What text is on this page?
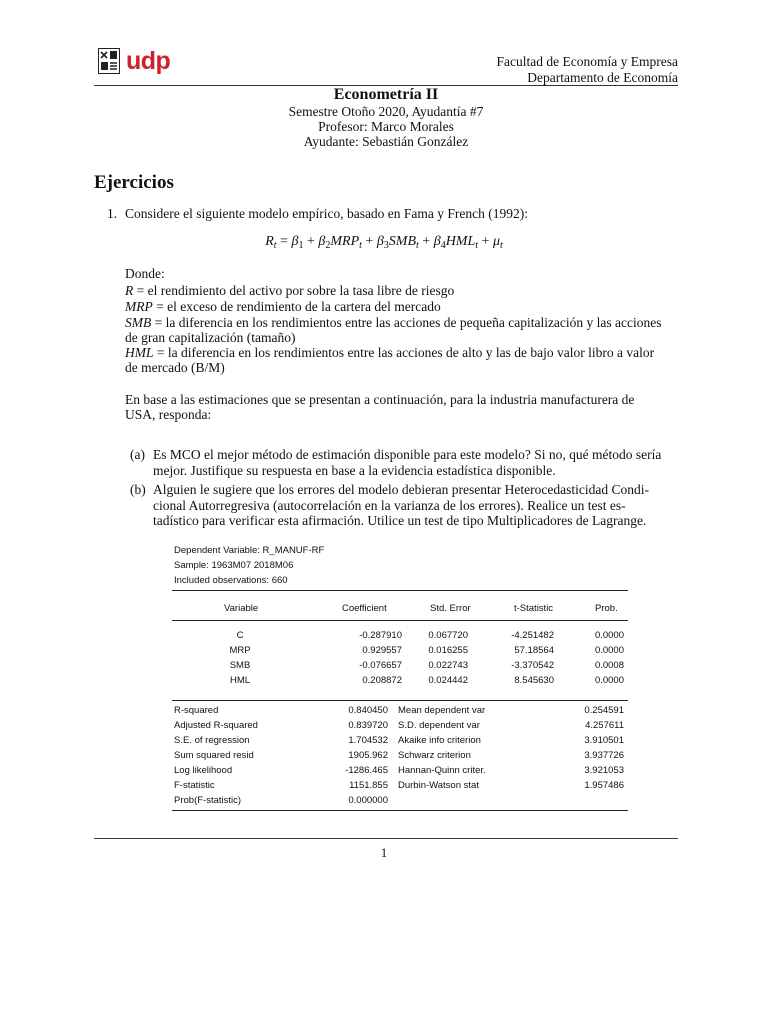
udp	Facultad de Economía y Empresa
Departamento de Economía
Econometría II
Semestre Otoño 2020, Ayudantía #7
Profesor: Marco Morales
Ayudante: Sebastián González
Ejercicios
1. Considere el siguiente modelo empírico, basado en Fama y French (1992):
$R_t = \beta_1 + \beta_2MRP_t + \beta_3SMB_t + \beta_4HML_t + \mu_t$
Donde:
R = el rendimiento del activo por sobre la tasa libre de riesgo
MRP = el exceso de rendimiento de la cartera del mercado
SMB = la diferencia en los rendimientos entre las acciones de pequeña capitalización y las acciones
de gran capitalización (tamaño)
HML = la diferencia en los rendimientos entre las acciones de alto y las de bajo valor libro a valor
de mercado (B/M)
En base a las estimaciones que se presentan a continuación, para la industria manufacturera de
USA, responda:
(a) Es MCO el mejor método de estimación disponible para este modelo? Si no, qué método sería
mejor. Justifique su respuesta en base a la evidencia estadística disponible.
(b) Alguien le sugiere que los errores del modelo debieran presentar Heterocedasticidad Condi-
cional Autorregresiva (autocorrelación en la varianza de los errores). Realice un test es-
tadístico para verificar esta afirmación. Utilice un test de tipo Multiplicadores de Lagrange.
Dependent Variable: R_MANUF-RF
Sample: 1963M07 2018M06
Included observations: 660
Variable	Coefficient	Std. Error	t-Statistic	Prob.
C	-0.287910	0.067720	-4.251482	0.0000
MRP	0.929557	0.016255	57.18564	0.0000
SMB	-0.076657	0.022743	-3.370542	0.0008
HML	0.208872	0.024442	8.545630	0.0000
R-squared	0.840450 Mean dependent var	0.254591
Adjusted R-squared	0.839720 S.D. dependent var	4.257611
S.E. of regression	1.704532 Akaike info criterion	3.910501
Sum squared resid	1905.962 Schwarz criterion	3.937726
Log likelihood	-1286.465 Hannan-Quinn criter.	3.921053
F-statistic	1151.855 Durbin-Watson stat	1.957486
Prob(F-statistic)	0.000000
1
